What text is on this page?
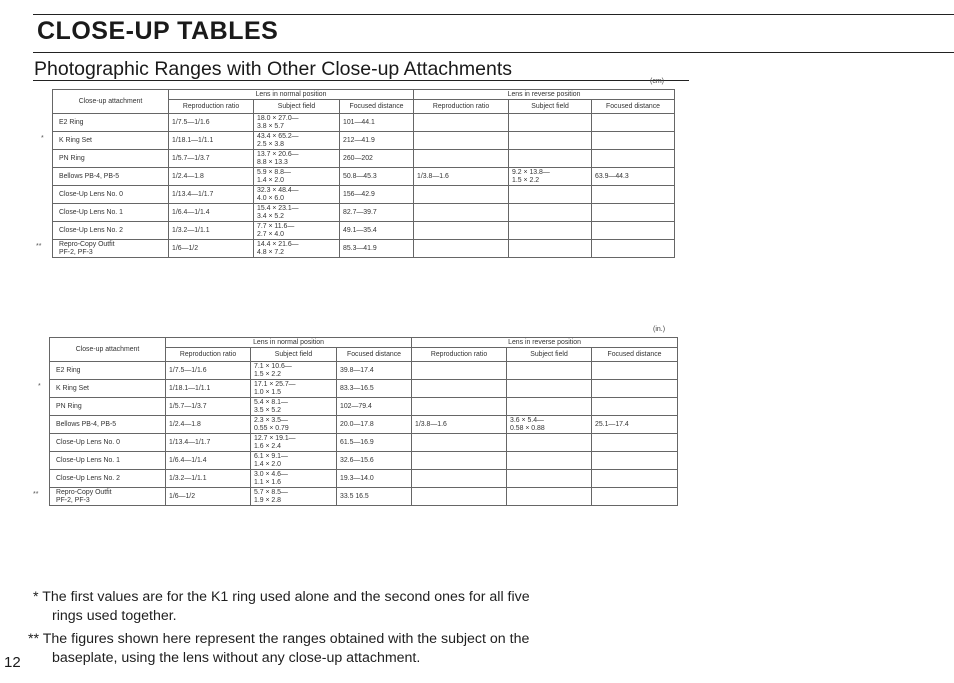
CLOSE-UP TABLES
Photographic Ranges with Other Close-up Attachments
(cm)
*
**
Close-up attachment	Lens in normal position			Lens in reverse position		
	Reproduction ratio	Subject field	Focused distance	Reproduction ratio	Subject field	Focused distance
E2 Ring	1/7.5—1/1.6	18.0 × 27.0—
3.8 × 5.7	101—44.1		

K Ring Set	1/18.1—1/1.1	43.4 × 65.2—
2.5 × 3.8	212—41.9		

PN Ring	1/5.7—1/3.7	13.7 × 20.6—
8.8 × 13.3	260—202		

Bellows PB-4, PB-5	1/2.4—1.8	5.9 × 8.8—
1.4 × 2.0	50.8—45.3	1/3.8—1.6	9.2 × 13.8—
1.5 × 2.2	63.9—44.3
Close-Up Lens No. 0	1/13.4—1/1.7	32.3 × 48.4—
4.0 × 6.0	156—42.9		

Close-Up Lens No. 1	1/6.4—1/1.4	15.4 × 23.1—
3.4 × 5.2	82.7—39.7		

Close-Up Lens No. 2	1/3.2—1/1.1	7.7 × 11.6—
2.7 × 4.0	49.1—35.4		

Repro-Copy Outfit
PF-2, PF-3	1/6—1/2	14.4 × 21.6—
4.8 × 7.2	85.3—41.9		

(in.)
*
**
Close-up attachment	Lens in normal position			Lens in reverse position		
	Reproduction ratio	Subject field	Focused distance	Reproduction ratio	Subject field	Focused distance
E2 Ring	1/7.5—1/1.6	7.1 × 10.6—
1.5 × 2.2	39.8—17.4		

K Ring Set	1/18.1—1/1.1	17.1 × 25.7—
1.0 × 1.5	83.3—16.5		

PN Ring	1/5.7—1/3.7	5.4 × 8.1—
3.5 × 5.2	102—79.4		

Bellows PB-4, PB-5	1/2.4—1.8	2.3 × 3.5—
0.55 × 0.79	20.0—17.8	1/3.8—1.6	3.6 × 5.4—
0.58 × 0.88	25.1—17.4
Close-Up Lens No. 0	1/13.4—1/1.7	12.7 × 19.1—
1.6 × 2.4	61.5—16.9		

Close-Up Lens No. 1	1/6.4—1/1.4	6.1 × 9.1—
1.4 × 2.0	32.6—15.6		

Close-Up Lens No. 2	1/3.2—1/1.1	3.0 × 4.6—
1.1 × 1.6	19.3—14.0		

Repro-Copy Outfit
PF-2, PF-3	1/6—1/2	5.7 × 8.5—
1.9 × 2.8	33.5 16.5		

* The first values are for the K1 ring used alone and the second ones for all five
rings used together.
** The figures shown here represent the ranges obtained with the subject on the
baseplate, using the lens without any close-up attachment.
12
